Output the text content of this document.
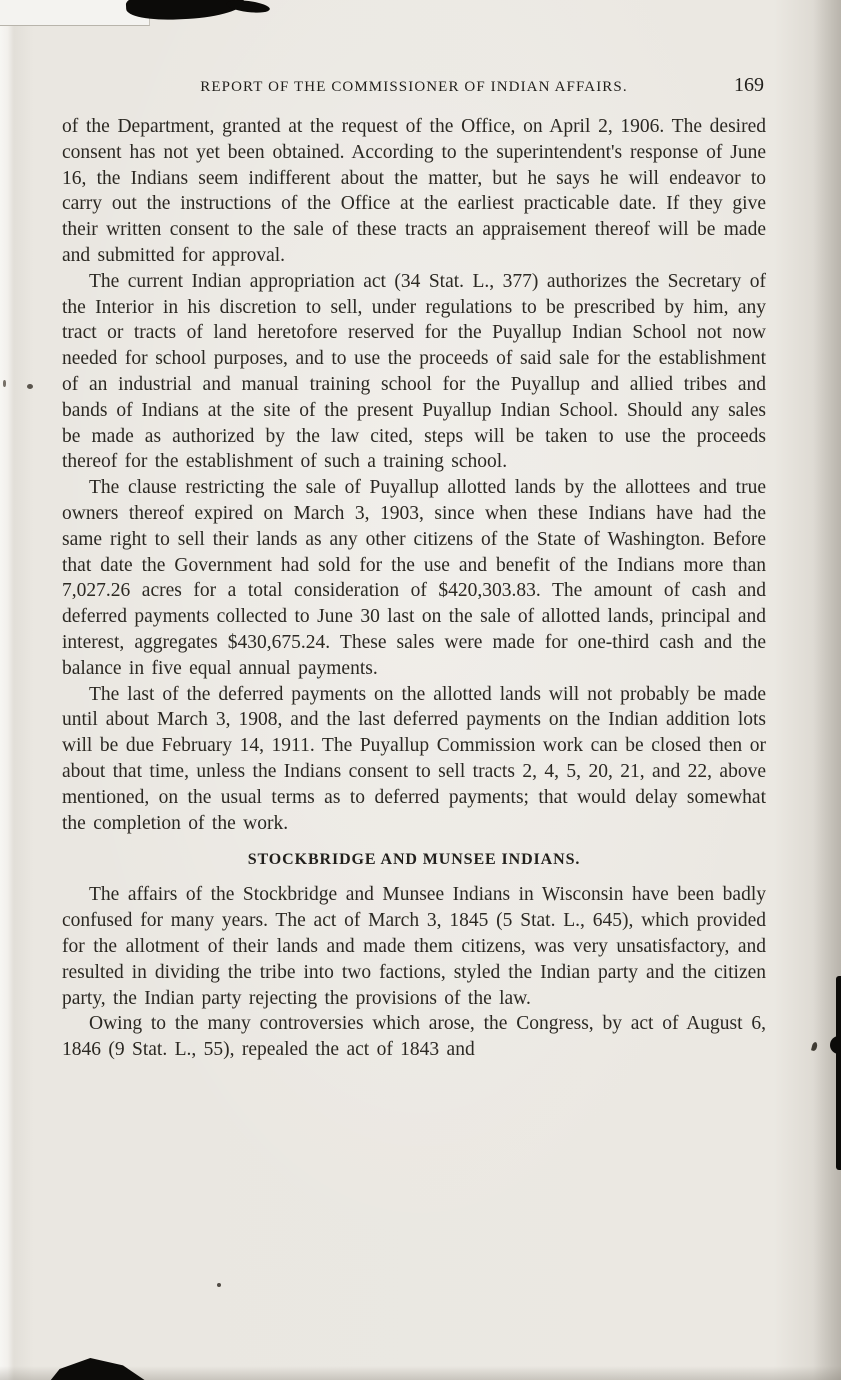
REPORT OF THE COMMISSIONER OF INDIAN AFFAIRS.	169

of the Department, granted at the request of the Office, on April 2, 1906. The desired consent has not yet been obtained. According to the superintendent's response of June 16, the Indians seem indifferent about the matter, but he says he will endeavor to carry out the instructions of the Office at the earliest practicable date. If they give their written consent to the sale of these tracts an appraisement thereof will be made and submitted for approval.

The current Indian appropriation act (34 Stat. L., 377) authorizes the Secretary of the Interior in his discretion to sell, under regulations to be prescribed by him, any tract or tracts of land heretofore reserved for the Puyallup Indian School not now needed for school purposes, and to use the proceeds of said sale for the establishment of an industrial and manual training school for the Puyallup and allied tribes and bands of Indians at the site of the present Puyallup Indian School. Should any sales be made as authorized by the law cited, steps will be taken to use the proceeds thereof for the establishment of such a training school.

The clause restricting the sale of Puyallup allotted lands by the allottees and true owners thereof expired on March 3, 1903, since when these Indians have had the same right to sell their lands as any other citizens of the State of Washington. Before that date the Government had sold for the use and benefit of the Indians more than 7,027.26 acres for a total consideration of $420,303.83. The amount of cash and deferred payments collected to June 30 last on the sale of allotted lands, principal and interest, aggregates $430,675.24. These sales were made for one-third cash and the balance in five equal annual payments.

The last of the deferred payments on the allotted lands will not probably be made until about March 3, 1908, and the last deferred payments on the Indian addition lots will be due February 14, 1911. The Puyallup Commission work can be closed then or about that time, unless the Indians consent to sell tracts 2, 4, 5, 20, 21, and 22, above mentioned, on the usual terms as to deferred payments; that would delay somewhat the completion of the work.

STOCKBRIDGE AND MUNSEE INDIANS.

The affairs of the Stockbridge and Munsee Indians in Wisconsin have been badly confused for many years. The act of March 3, 1845 (5 Stat. L., 645), which provided for the allotment of their lands and made them citizens, was very unsatisfactory, and resulted in dividing the tribe into two factions, styled the Indian party and the citizen party, the Indian party rejecting the provisions of the law.

Owing to the many controversies which arose, the Congress, by act of August 6, 1846 (9 Stat. L., 55), repealed the act of 1843 and
